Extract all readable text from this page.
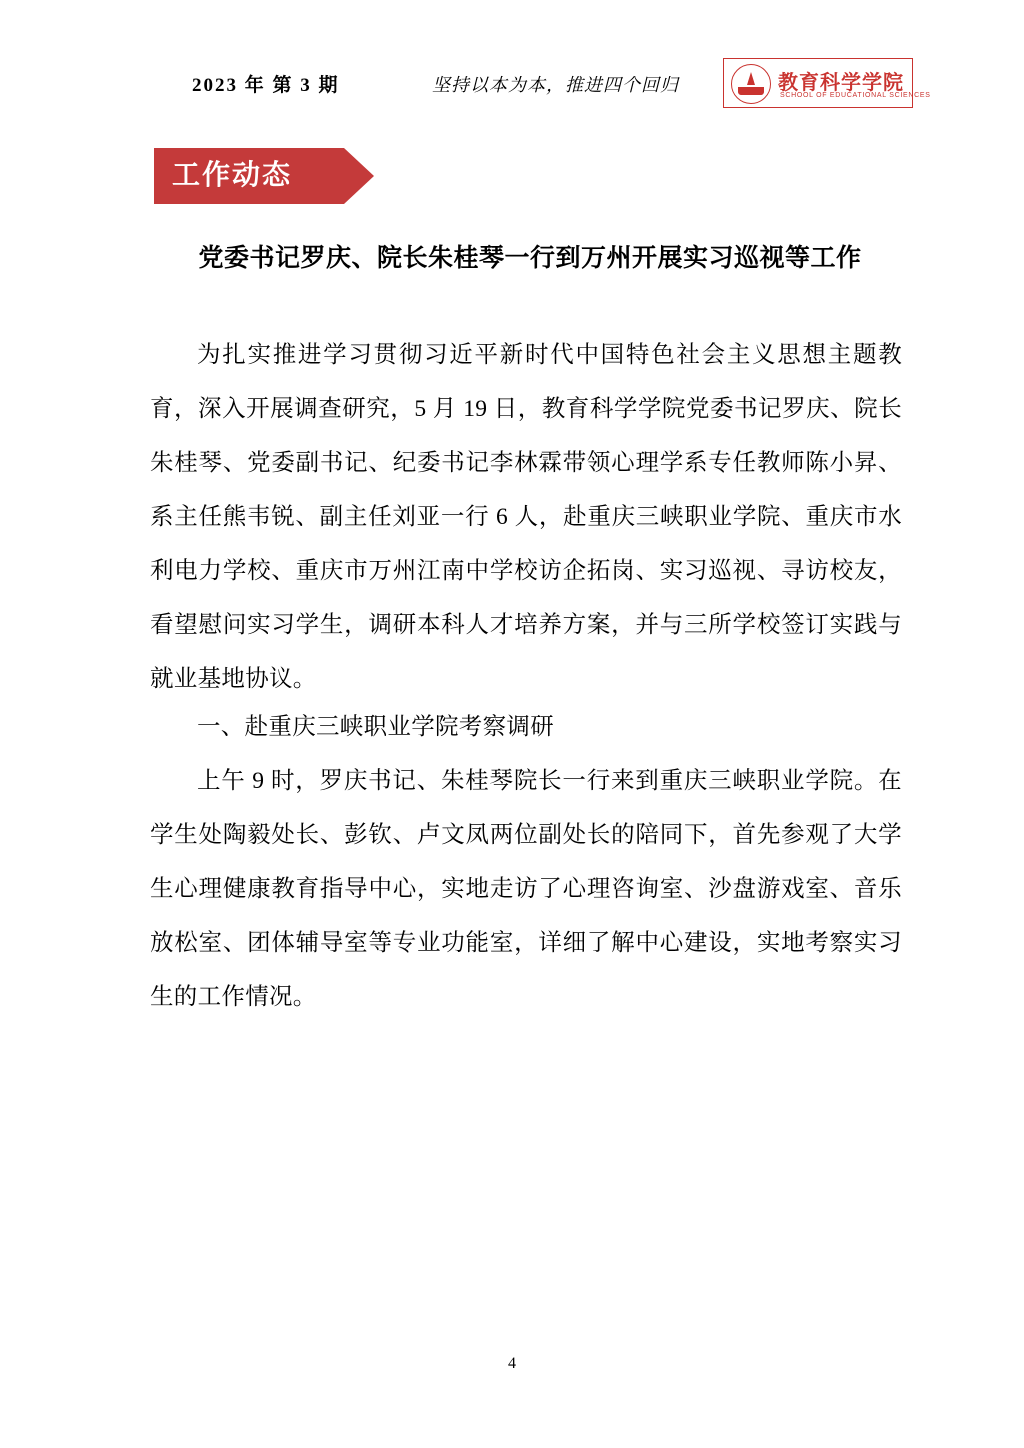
2023 年 第 3 期	坚持以本为本，推进四个回归	教育科学学院
SCHOOL OF EDUCATIONAL SCIENCES
工作动态
党委书记罗庆、院长朱桂琴一行到万州开展实习巡视等工作
为扎实推进学习贯彻习近平新时代中国特色社会主义思想主题教育，深入开展调查研究，5 月 19 日，教育科学学院党委书记罗庆、院长朱桂琴、党委副书记、纪委书记李林霖带领心理学系专任教师陈小昇、系主任熊韦锐、副主任刘亚一行 6 人，赴重庆三峡职业学院、重庆市水利电力学校、重庆市万州江南中学校访企拓岗、实习巡视、寻访校友，看望慰问实习学生，调研本科人才培养方案，并与三所学校签订实践与就业基地协议。
一、赴重庆三峡职业学院考察调研
上午 9 时，罗庆书记、朱桂琴院长一行来到重庆三峡职业学院。在学生处陶毅处长、彭钦、卢文凤两位副处长的陪同下，首先参观了大学生心理健康教育指导中心，实地走访了心理咨询室、沙盘游戏室、音乐放松室、团体辅导室等专业功能室，详细了解中心建设，实地考察实习生的工作情况。
4
